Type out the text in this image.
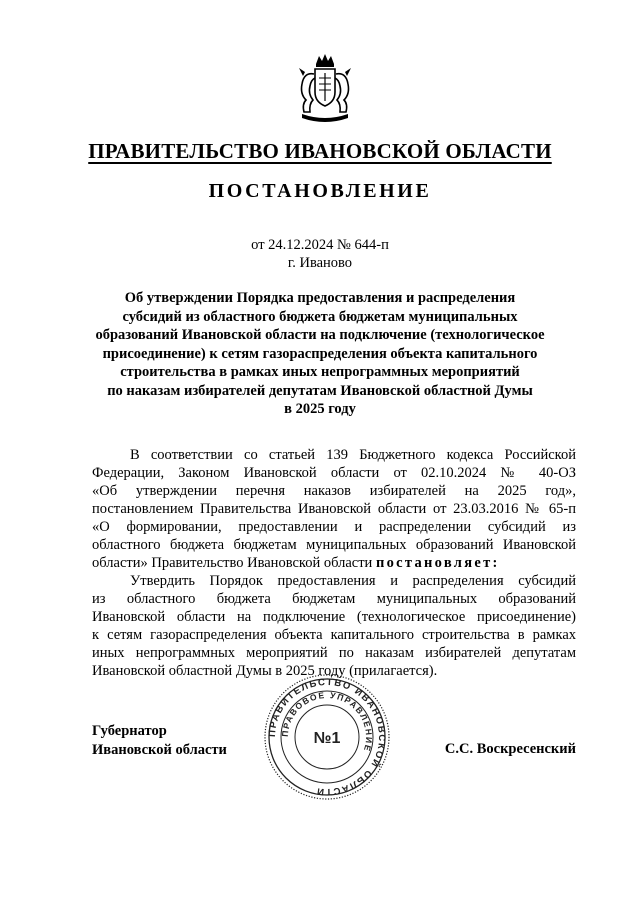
ПРАВИТЕЛЬСТВО ИВАНОВСКОЙ ОБЛАСТИ
ПОСТАНОВЛЕНИЕ
от 24.12.2024 № 644-п
г. Иваново
Об утверждении Порядка предоставления и распределения
субсидий из областного бюджета бюджетам муниципальных
образований Ивановской области на подключение (технологическое
присоединение) к сетям газораспределения объекта капитального
строительства в рамках иных непрограммных мероприятий
по наказам избирателей депутатам Ивановской областной Думы
в 2025 году
В соответствии со статьей 139 Бюджетного кодекса Российской
Федерации, Законом Ивановской области от 02.10.2024 № 40-ОЗ
«Об утверждении перечня наказов избирателей на 2025 год»,
постановлением Правительства Ивановской области от 23.03.2016 № 65-п
«О формировании, предоставлении и распределении субсидий из
областного бюджета бюджетам муниципальных образований Ивановской
области» Правительство Ивановской области постановляет:
Утвердить Порядок предоставления и распределения субсидий
из областного бюджета бюджетам муниципальных образований
Ивановской области на подключение (технологическое присоединение)
к сетям газораспределения объекта капитального строительства в рамках
иных непрограммных мероприятий по наказам избирателей депутатам
Ивановской областной Думы в 2025 году (прилагается).
Губернатор
Ивановской области
ПРАВИТЕЛЬСТВО ИВАНОВСКОЙ ОБЛАСТИ
ПРАВОВОЕ УПРАВЛЕНИЕ
№1
С.С. Воскресенский
